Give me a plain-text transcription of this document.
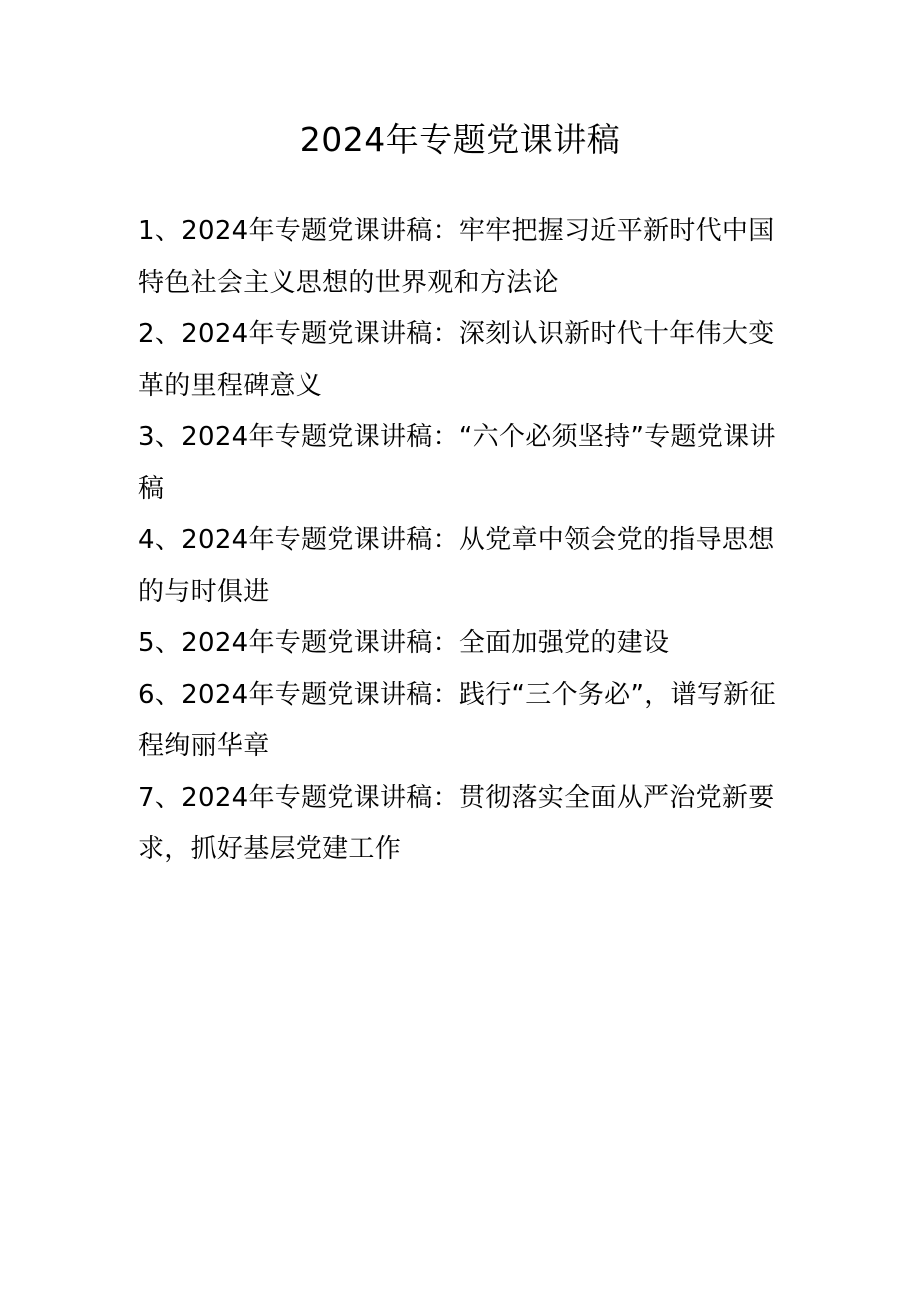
2024年专题党课讲稿
1、2024年专题党课讲稿：牢牢把握习近平新时代中国特色社会主义思想的世界观和方法论
2、2024年专题党课讲稿：深刻认识新时代十年伟大变革的里程碑意义
3、2024年专题党课讲稿：“六个必须坚持”专题党课讲稿
4、2024年专题党课讲稿：从党章中领会党的指导思想的与时俱进
5、2024年专题党课讲稿：全面加强党的建设
6、2024年专题党课讲稿：践行“三个务必”，谱写新征程绚丽华章
7、2024年专题党课讲稿：贯彻落实全面从严治党新要求，抓好基层党建工作
